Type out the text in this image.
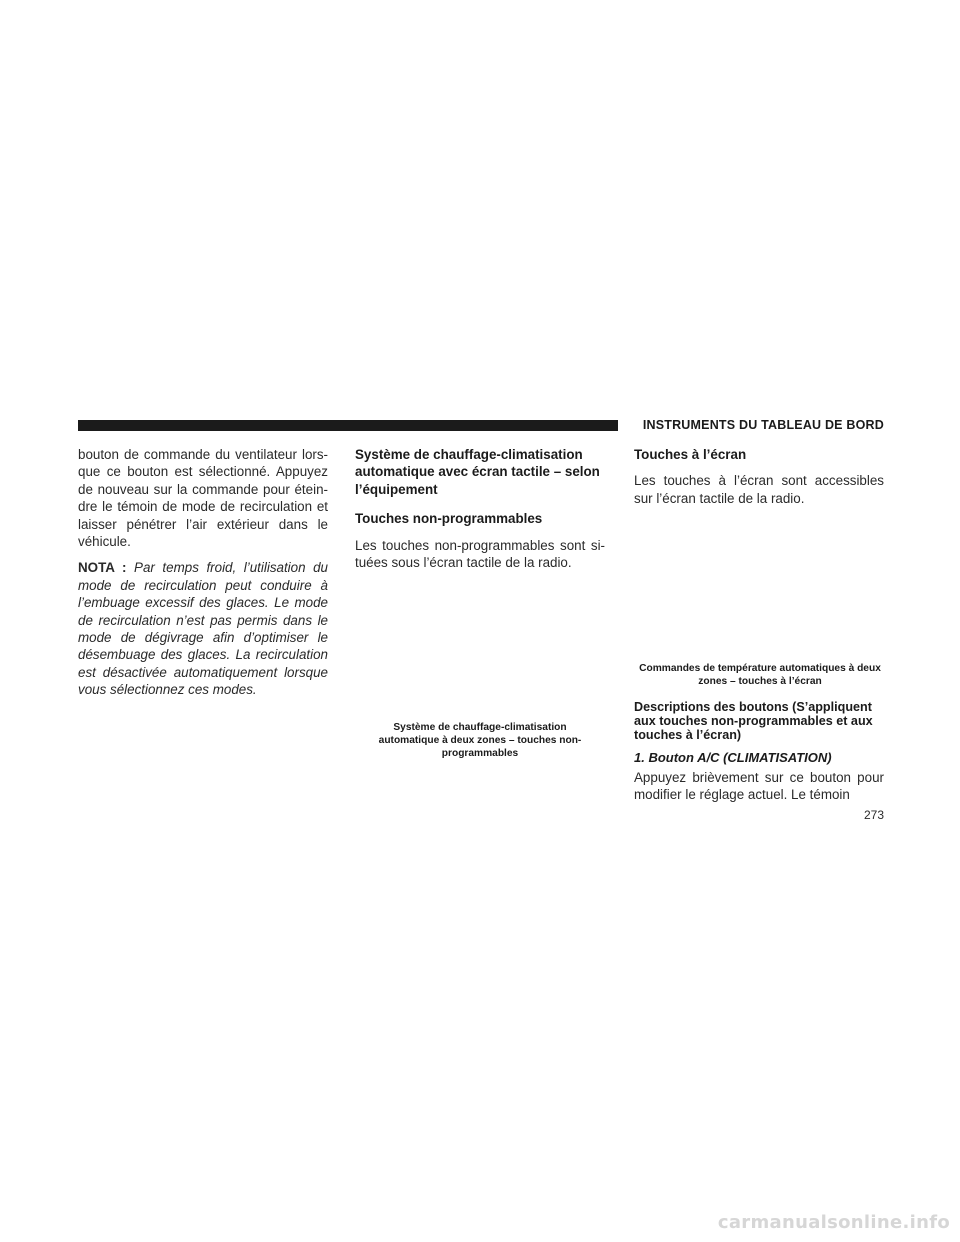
INSTRUMENTS DU TABLEAU DE BORD

bouton de commande du ventilateur lors-que ce bouton est sélectionné. Appuyez de nouveau sur la commande pour étein-dre le témoin de mode de recirculation et laisser pénétrer l’air extérieur dans le véhicule.

NOTA : Par temps froid, l’utilisation du mode de recirculation peut conduire à l’embuage excessif des glaces. Le mode de recirculation n’est pas permis dans le mode de dégivrage afin d’optimiser le désembuage des glaces. La recirculation est désactivée automatiquement lorsque vous sélectionnez ces modes.

Système de chauffage-climatisation automatique avec écran tactile – selon l’équipement

Touches non-programmables

Les touches non-programmables sont si-tuées sous l’écran tactile de la radio.

Système de chauffage-climatisation automatique à deux zones – touches non-programmables

Touches à l’écran

Les touches à l’écran sont accessibles sur l’écran tactile de la radio.

Commandes de température automatiques à deux zones – touches à l’écran

Descriptions des boutons (S’appliquent aux touches non-programmables et aux touches à l’écran)

1. Bouton A/C (CLIMATISATION)

Appuyez brièvement sur ce bouton pour modifier le réglage actuel. Le témoin

273
carmanualsonline.info
